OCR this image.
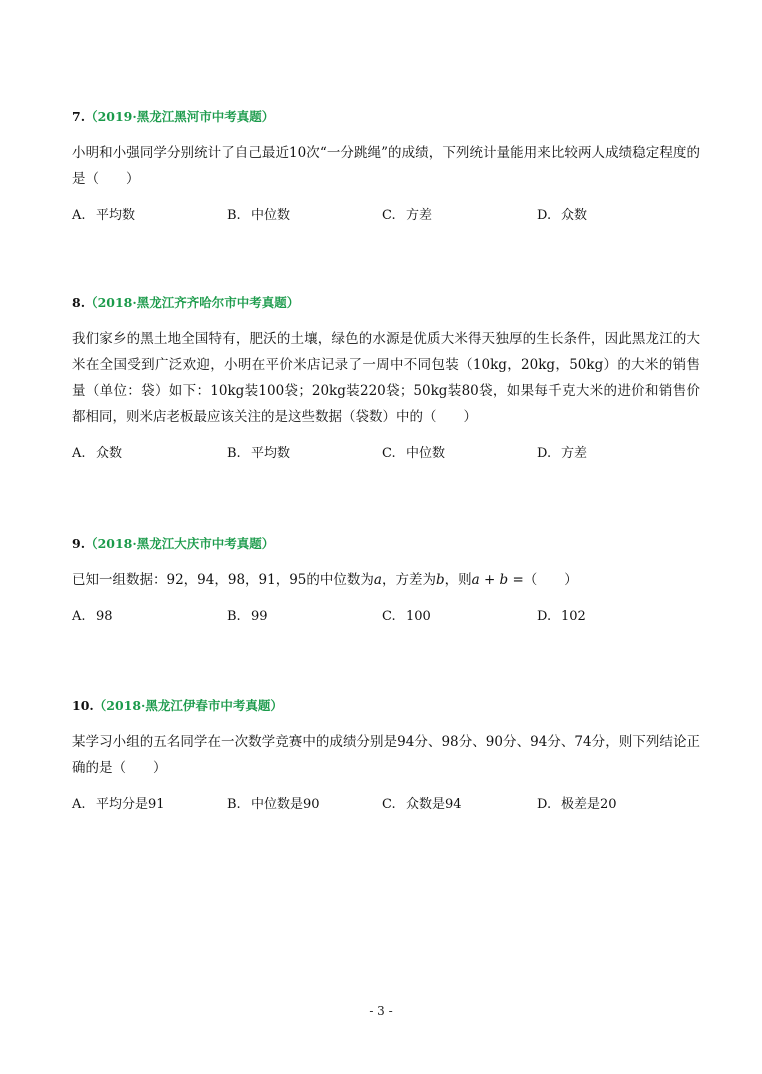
7.（2019·黑龙江黑河市中考真题）
小明和小强同学分别统计了自己最近10次“一分跳绳”的成绩，下列统计量能用来比较两人成绩稳定程度的是（　　）
A. 平均数	B. 中位数	C. 方差	D. 众数
8.（2018·黑龙江齐齐哈尔市中考真题）
我们家乡的黑土地全国特有，肥沃的土壤，绿色的水源是优质大米得天独厚的生长条件，因此黑龙江的大米在全国受到广泛欢迎，小明在平价米店记录了一周中不同包装（10kg，20kg，50kg）的大米的销售量（单位：袋）如下：10kg装100袋；20kg装220袋；50kg装80袋，如果每千克大米的进价和销售价都相同，则米店老板最应该关注的是这些数据（袋数）中的（　　）
A. 众数	B. 平均数	C. 中位数	D. 方差
9.（2018·黑龙江大庆市中考真题）
已知一组数据：92，94，98，91，95的中位数为a，方差为b，则a + b =（　　）
A. 98	B. 99	C. 100	D. 102
10.（2018·黑龙江伊春市中考真题）
某学习小组的五名同学在一次数学竞赛中的成绩分别是94分、98分、90分、94分、74分，则下列结论正确的是（　　）
A. 平均分是91	B. 中位数是90	C. 众数是94	D. 极差是20
- 3 -
